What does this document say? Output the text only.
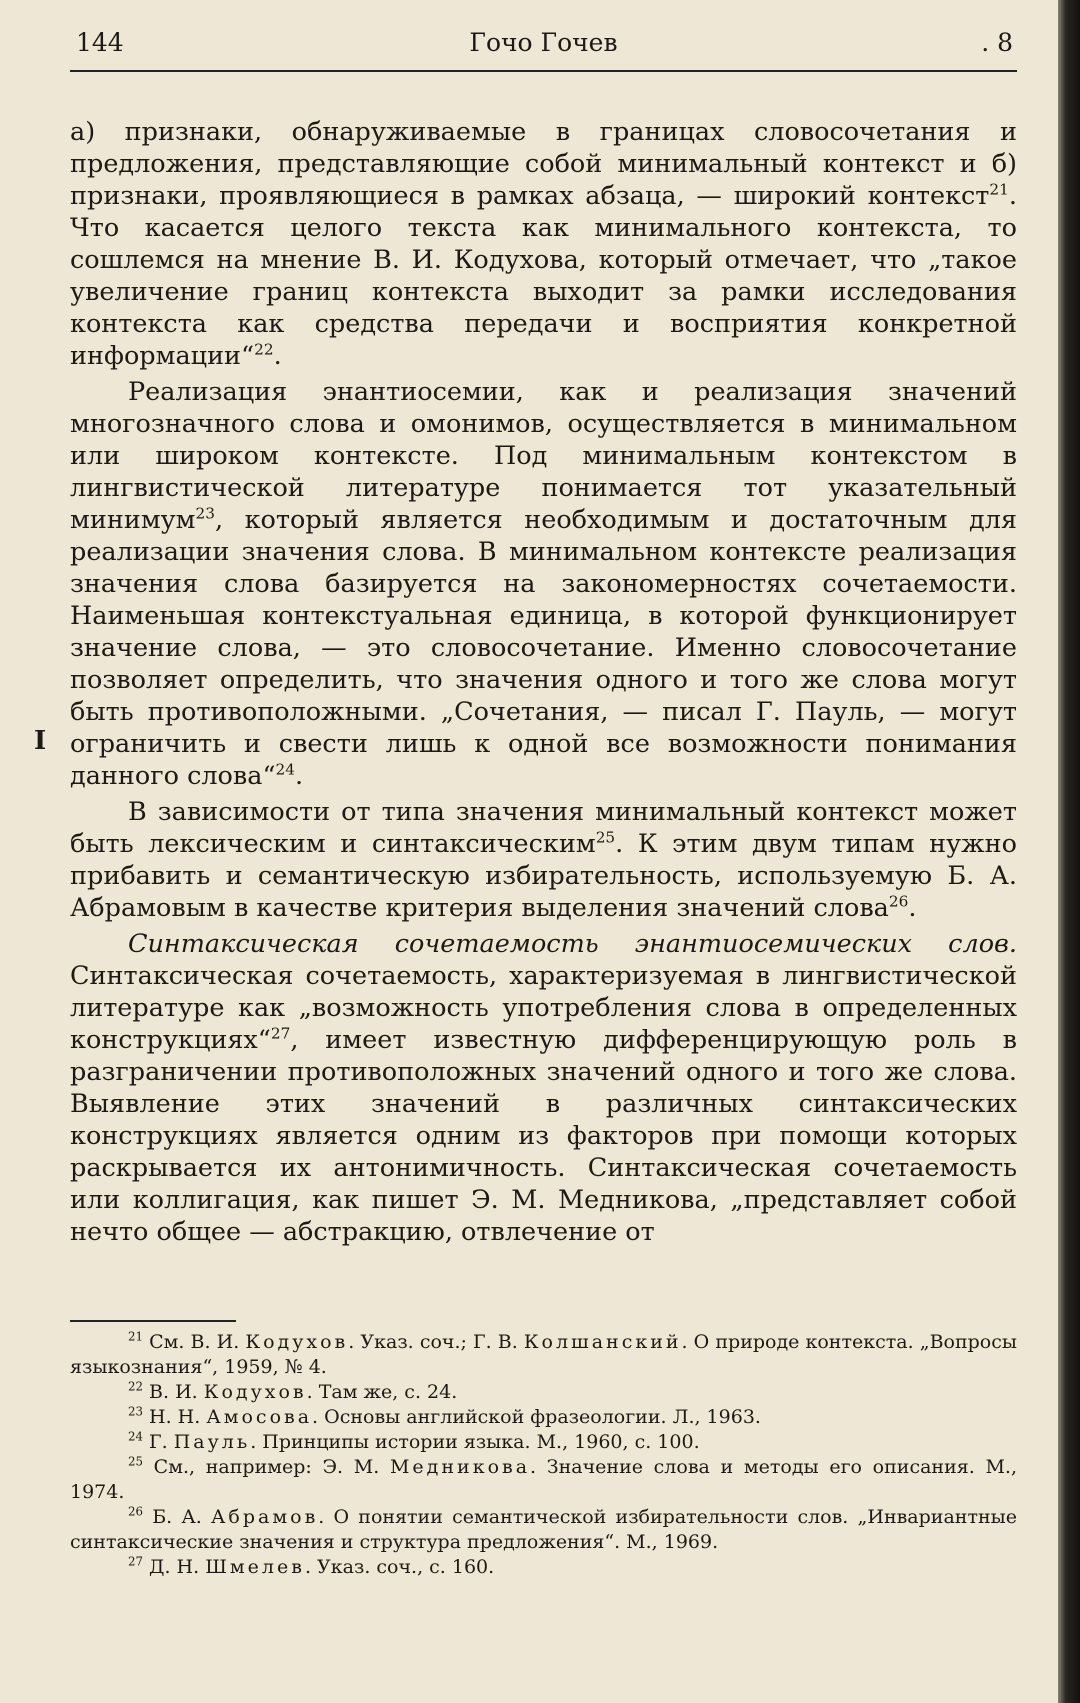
144	Гочо Гочев	. 8
I

а) признаки, обнаруживаемые в границах словосочетания и предложения, представляющие собой минимальный контекст и б) признаки, проявляющиеся в рамках абзаца, — широкий контекст$^{21}$. Что касается целого текста как минимального контекста, то сошлемся на мнение В. И. Кодухова, который отмечает, что „такое увеличение границ контекста выходит за рамки исследования контекста как средства передачи и восприятия конкретной информации“$^{22}$.

Реализация энантиосемии, как и реализация значений многозначного слова и омонимов, осуществляется в минимальном или широком контексте. Под минимальным контекстом в лингвистической литературе понимается тот указательный минимум$^{23}$, который является необходимым и достаточным для реализации значения слова. В минимальном контексте реализация значения слова базируется на закономерностях сочетаемости. Наименьшая контекстуальная единица, в которой функционирует значение слова, — это словосочетание. Именно словосочетание позволяет определить, что значения одного и того же слова могут быть противоположными. „Сочетания, — писал Г. Пауль, — могут ограничить и свести лишь к одной все возможности понимания данного слова“$^{24}$.

В зависимости от типа значения минимальный контекст может быть лексическим и синтаксическим$^{25}$. К этим двум типам нужно прибавить и семантическую избирательность, используемую Б. А. Абрамовым в качестве критерия выделения значений слова$^{26}$.

Синтаксическая сочетаемость энантиосемических слов. Синтаксическая сочетаемость, характеризуемая в лингвистической литературе как „возможность употребления слова в определенных конструкциях“$^{27}$, имеет известную дифференцирующую роль в разграничении противоположных значений одного и того же слова. Выявление этих значений в различных синтаксических конструкциях является одним из факторов при помощи которых раскрывается их антонимичность. Синтаксическая сочетаемость или коллигация, как пишет Э. М. Медникова, „представляет собой нечто общее — абстракцию, отвлечение от

$^{21}$ См. В. И. Кодухов. Указ. соч.; Г. В. Колшанский. О природе контекста. „Вопросы языкознания“, 1959, № 4.

$^{22}$ В. И. Кодухов. Там же, с. 24.

$^{23}$ Н. Н. Амосова. Основы английской фразеологии. Л., 1963.

$^{24}$ Г. Пауль. Принципы истории языка. М., 1960, с. 100.

$^{25}$ См., например: Э. М. Медникова. Значение слова и методы его описания. М., 1974.

$^{26}$ Б. А. Абрамов. О понятии семантической избирательности слов. „Инвариантные синтаксические значения и структура предложения“. М., 1969.

$^{27}$ Д. Н. Шмелев. Указ. соч., с. 160.
